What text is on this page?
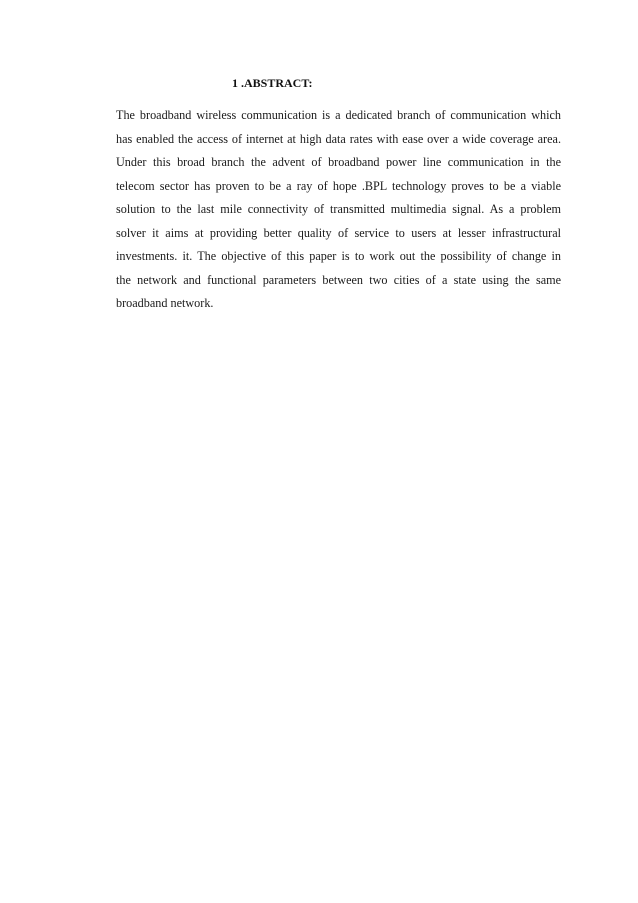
1 .ABSTRACT:
The broadband wireless communication is a dedicated branch of communication which
has enabled the access of internet at high data rates with ease over a wide coverage area.
Under this broad branch the advent of broadband power line communication in the
telecom sector has proven to be a ray of hope .BPL technology proves to be a viable
solution to the last mile connectivity of transmitted multimedia signal. As a problem
solver it aims at providing better quality of service to users at lesser infrastructural
investments. it. The objective of this paper is to work out the possibility of change in
the network and functional parameters between two cities of a state using the same
broadband network.
